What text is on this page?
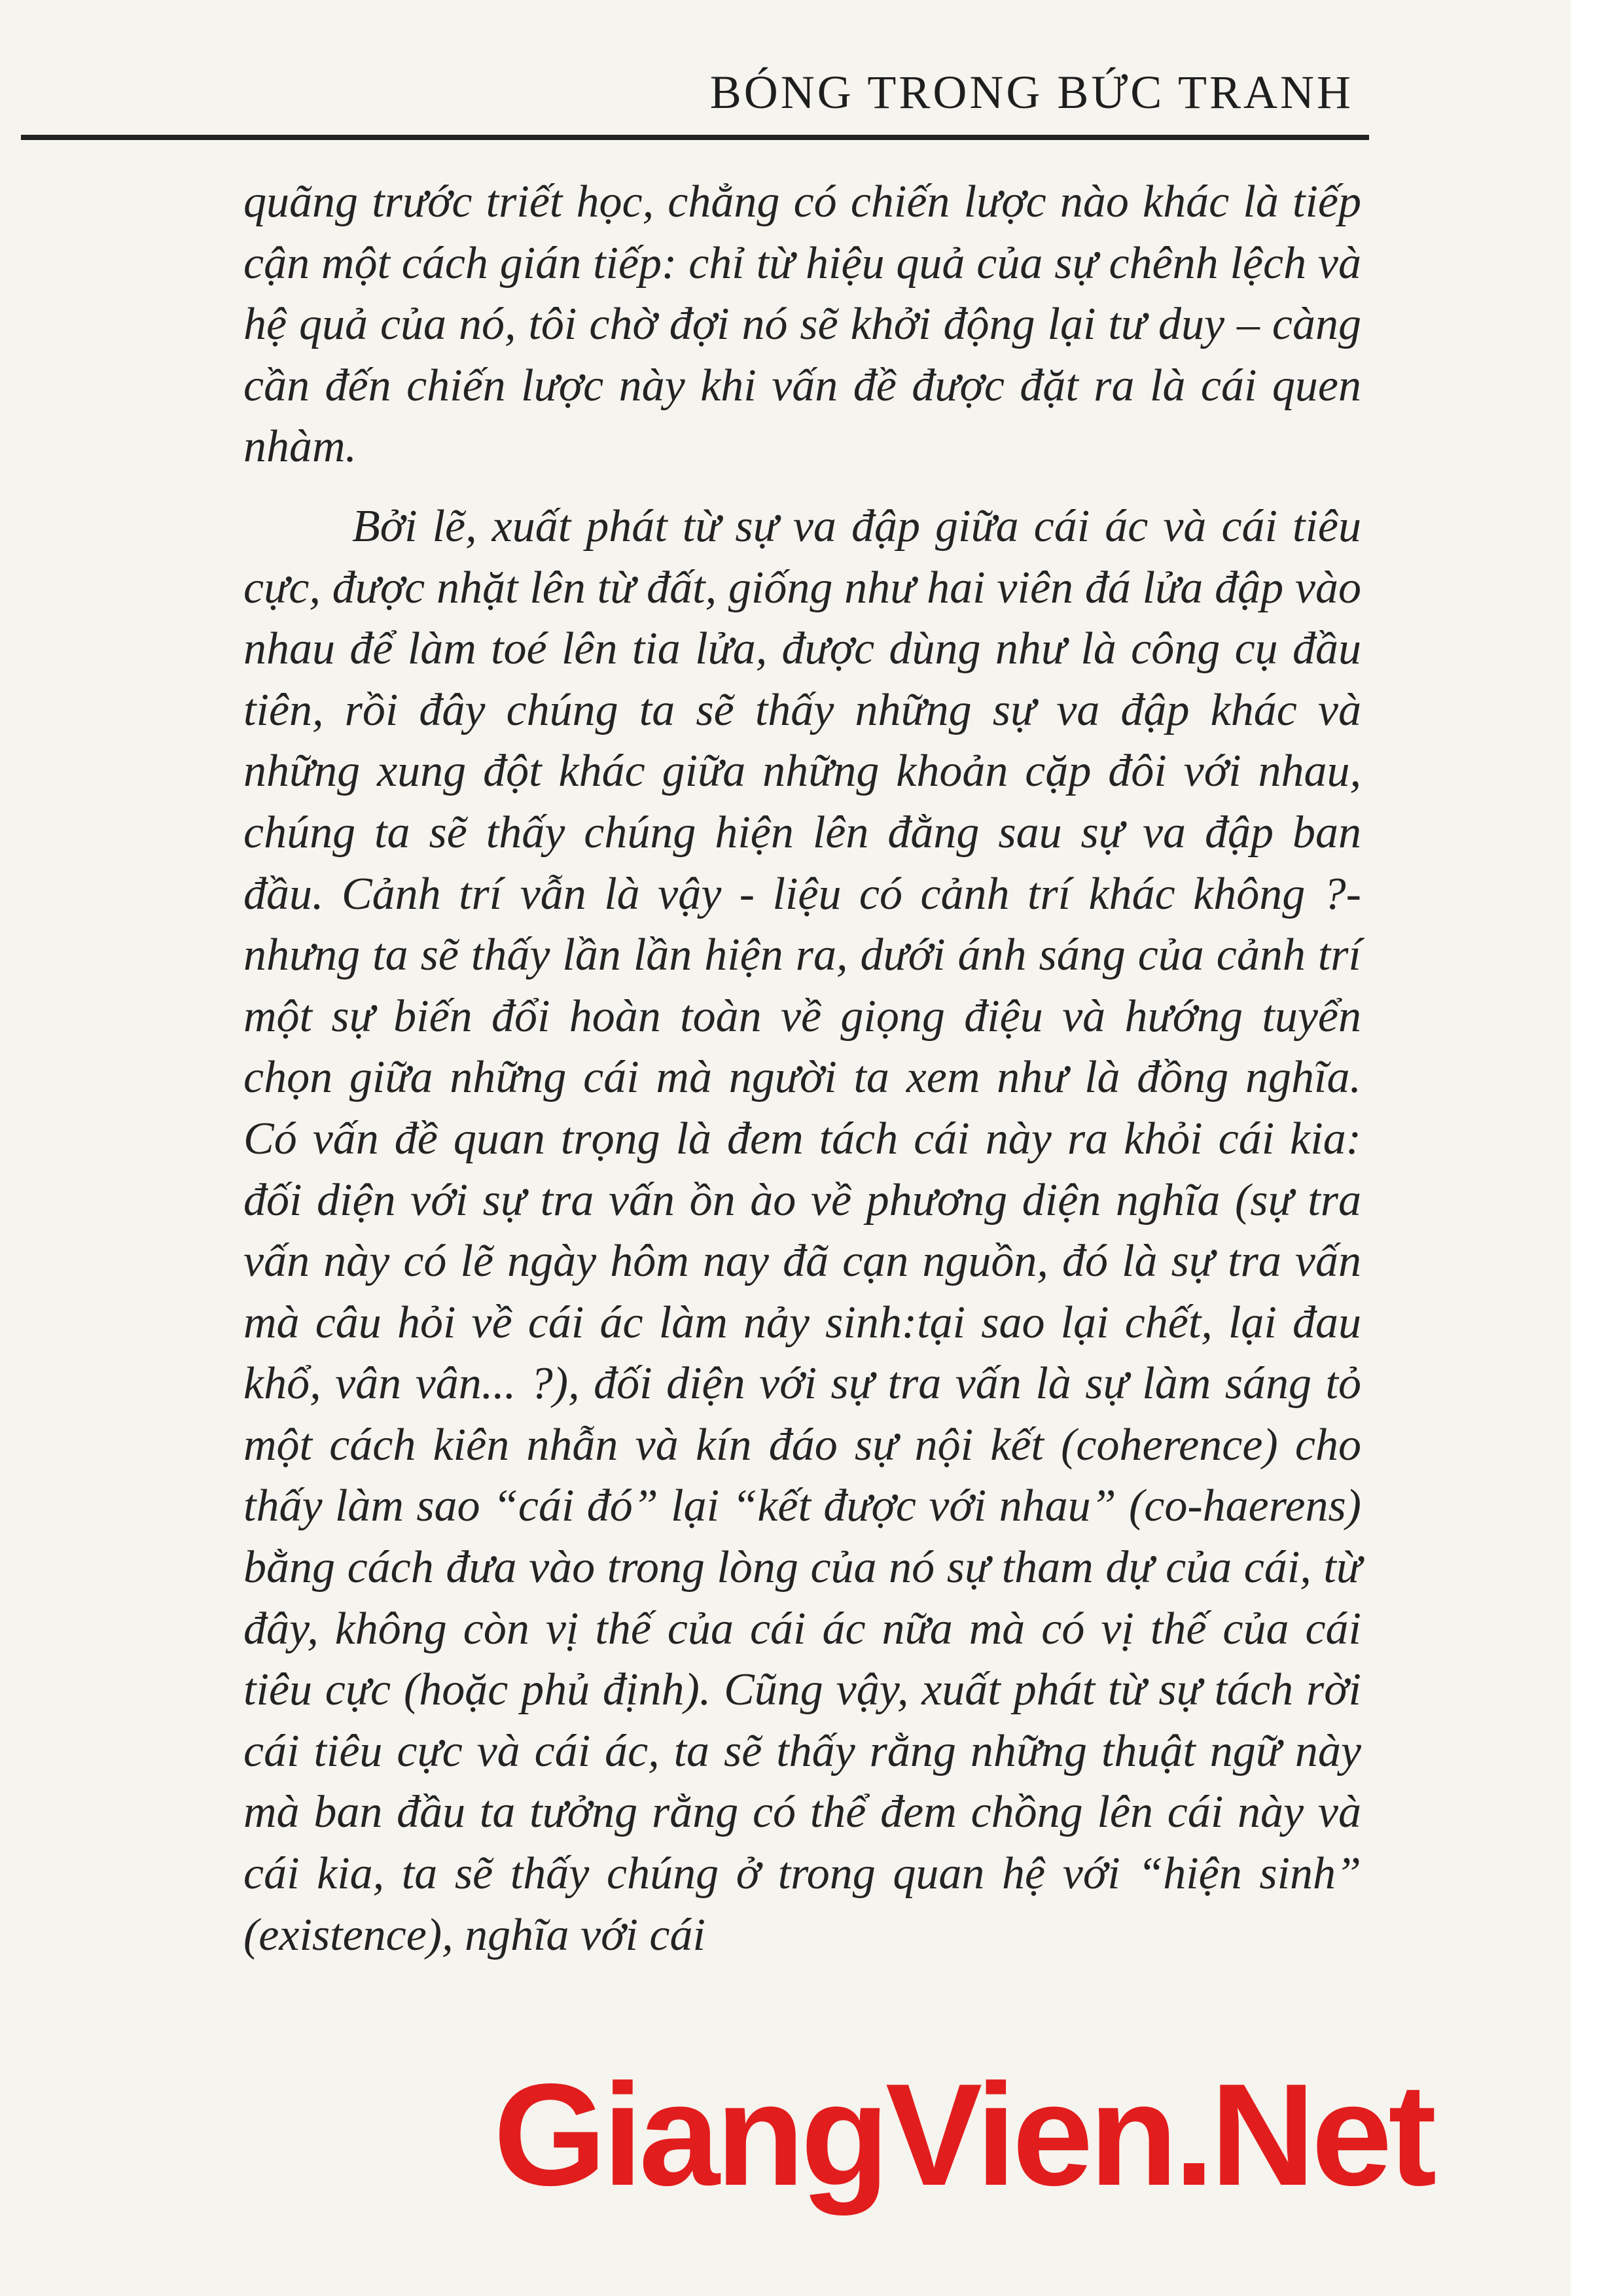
BÓNG TRONG BỨC TRANH

quãng trước triết học, chẳng có chiến lược nào khác là tiếp cận một cách gián tiếp: chỉ từ hiệu quả của sự chênh lệch và hệ quả của nó, tôi chờ đợi nó sẽ khởi động lại tư duy – càng cần đến chiến lược này khi vấn đề được đặt ra là cái quen nhàm.

Bởi lẽ, xuất phát từ sự va đập giữa cái ác và cái tiêu cực, được nhặt lên từ đất, giống như hai viên đá lửa đập vào nhau để làm toé lên tia lửa, được dùng như là công cụ đầu tiên, rồi đây chúng ta sẽ thấy những sự va đập khác và những xung đột khác giữa những khoản cặp đôi với nhau, chúng ta sẽ thấy chúng hiện lên đằng sau sự va đập ban đầu. Cảnh trí vẫn là vậy - liệu có cảnh trí khác không ?- nhưng ta sẽ thấy lần lần hiện ra, dưới ánh sáng của cảnh trí một sự biến đổi hoàn toàn về giọng điệu và hướng tuyển chọn giữa những cái mà người ta xem như là đồng nghĩa. Có vấn đề quan trọng là đem tách cái này ra khỏi cái kia: đối diện với sự tra vấn ồn ào về phương diện nghĩa (sự tra vấn này có lẽ ngày hôm nay đã cạn nguồn, đó là sự tra vấn mà câu hỏi về cái ác làm nảy sinh:tại sao lại chết, lại đau khổ, vân vân... ?), đối diện với sự tra vấn là sự làm sáng tỏ một cách kiên nhẫn và kín đáo sự nội kết (coherence) cho thấy làm sao “cái đó” lại “kết được với nhau” (co-haerens) bằng cách đưa vào trong lòng của nó sự tham dự của cái, từ đây, không còn vị thế của cái ác nữa mà có vị thế của cái tiêu cực (hoặc phủ định). Cũng vậy, xuất phát từ sự tách rời cái tiêu cực và cái ác, ta sẽ thấy rằng những thuật ngữ này mà ban đầu ta tưởng rằng có thể đem chồng lên cái này và cái kia, ta sẽ thấy chúng ở trong quan hệ với “hiện sinh” (existence), nghĩa với cái

GiangVien.Net
